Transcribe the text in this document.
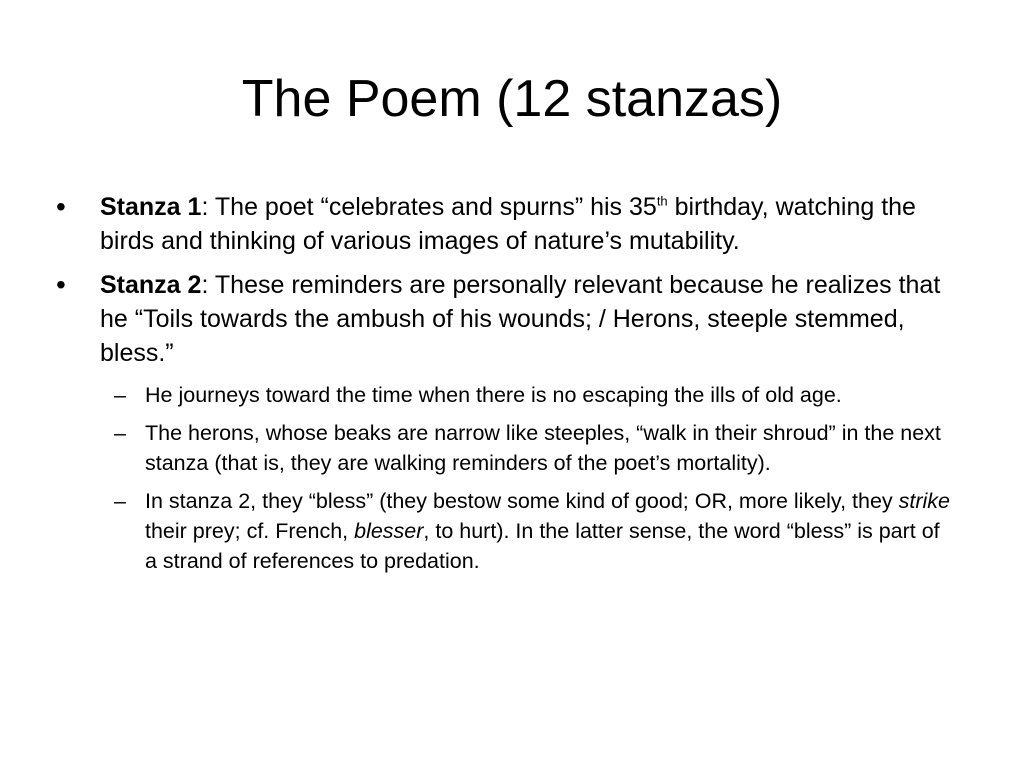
The Poem (12 stanzas)
• Stanza 1: The poet “celebrates and spurns” his 35th birthday, watching the birds and thinking of various images of nature’s mutability.
• Stanza 2: These reminders are personally relevant because he realizes that he “Toils towards the ambush of his wounds; / Herons, steeple stemmed, bless.”
– He journeys toward the time when there is no escaping the ills of old age.
– The herons, whose beaks are narrow like steeples, “walk in their shroud” in the next stanza (that is, they are walking reminders of the poet’s mortality).
– In stanza 2, they “bless” (they bestow some kind of good; OR, more likely, they strike their prey; cf. French, blesser, to hurt). In the latter sense, the word “bless” is part of a strand of references to predation.
